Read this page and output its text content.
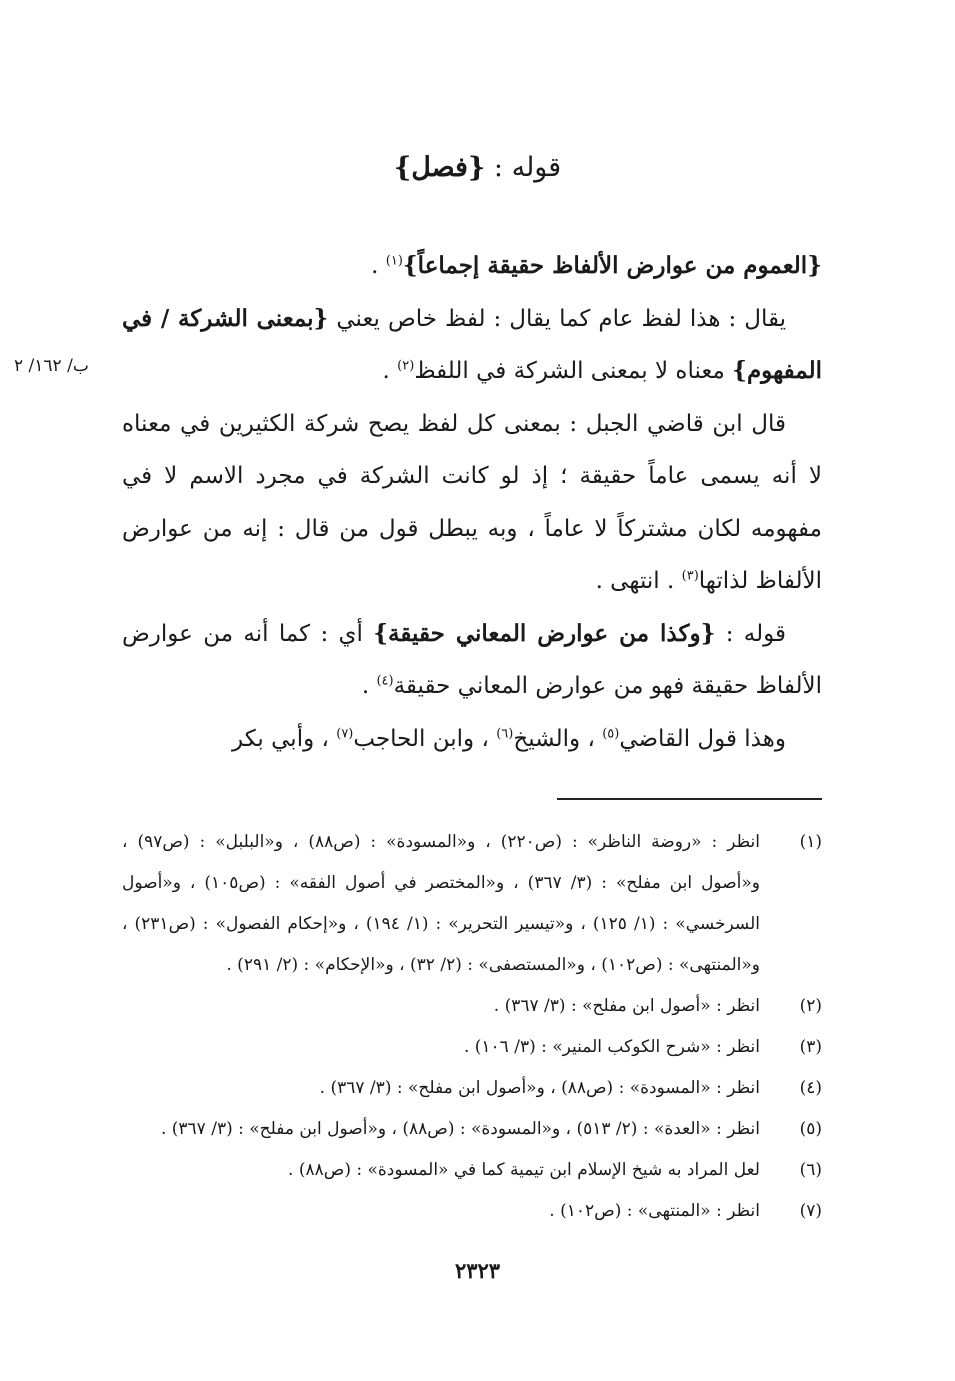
قوله : {فصل}
ب/ ١٦٢/ ٢

{العموم من عوارض الألفاظ حقيقة إجماعاً}$^{(١)}$ .

يقال : هذا لفظ عام كما يقال : لفظ خاص يعني {بمعنى الشركة / في المفهوم} معناه لا بمعنى الشركة في اللفظ$^{(٢)}$ .

قال ابن قاضي الجبل : بمعنى كل لفظ يصح شركة الكثيرين في معناه لا أنه يسمى عاماً حقيقة ؛ إذ لو كانت الشركة في مجرد الاسم لا في مفهومه لكان مشتركاً لا عاماً ، وبه يبطل قول من قال : إنه من عوارض الألفاظ لذاتها$^{(٣)}$ . انتهى .

قوله : {وكذا من عوارض المعاني حقيقة} أي : كما أنه من عوارض الألفاظ حقيقة فهو من عوارض المعاني حقيقة$^{(٤)}$ .

وهذا قول القاضي$^{(٥)}$ ، والشيخ$^{(٦)}$ ، وابن الحاجب$^{(٧)}$ ، وأبي بكر

(١)
انظر : «روضة الناظر» : (ص٢٢٠) ، و«المسودة» : (ص٨٨) ، و«البلبل» : (ص٩٧) ، و«أصول ابن مفلح» : (٣/ ٣٦٧) ، و«المختصر في أصول الفقه» : (ص١٠٥) ، و«أصول السرخسي» : (١/ ١٢٥) ، و«تيسير التحرير» : (١/ ١٩٤) ، و«إحكام الفصول» : (ص٢٣١) ، و«المنتهى» : (ص١٠٢) ، و«المستصفى» : (٢/ ٣٢) ، و«الإحكام» : (٢/ ٢٩١) .
(٢)
انظر : «أصول ابن مفلح» : (٣/ ٣٦٧) .
(٣)
انظر : «شرح الكوكب المنير» : (٣/ ١٠٦) .
(٤)
انظر : «المسودة» : (ص٨٨) ، و«أصول ابن مفلح» : (٣/ ٣٦٧) .
(٥)
انظر : «العدة» : (٢/ ٥١٣) ، و«المسودة» : (ص٨٨) ، و«أصول ابن مفلح» : (٣/ ٣٦٧) .
(٦)
لعل المراد به شيخ الإسلام ابن تيمية كما في «المسودة» : (ص٨٨) .
(٧)
انظر : «المنتهى» : (ص١٠٢) .
٢٣٢٣
